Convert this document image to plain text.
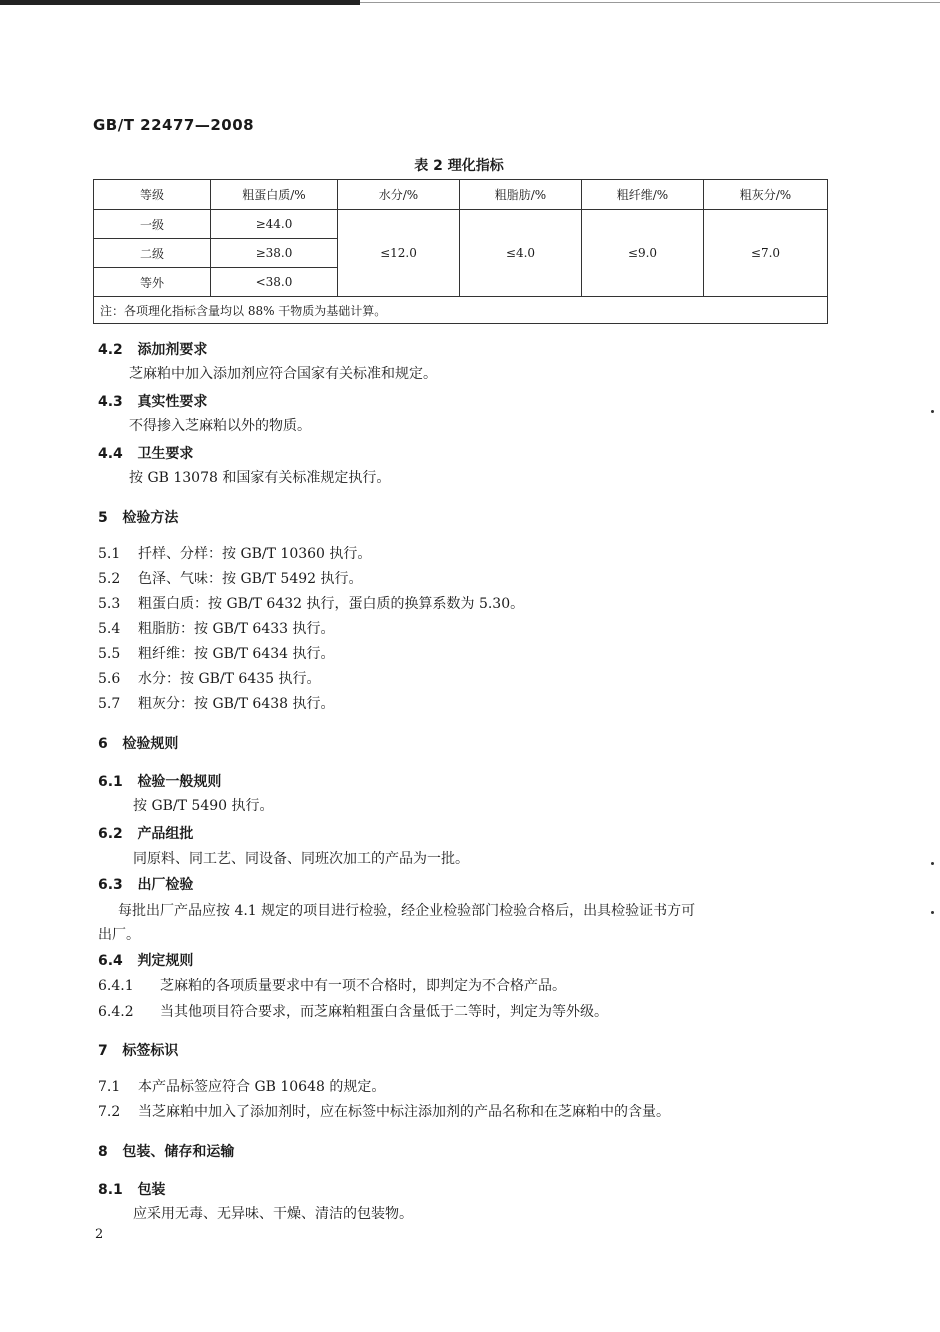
GB/T 22477—2008
表 2 理化指标
等级	粗蛋白质/%	水分/%	粗脂肪/%	粗纤维/%	粗灰分/%
一级	≥44.0	≤12.0	≤4.0	≤9.0	≤7.0
二级	≥38.0				
等外	<38.0				
注：各项理化指标含量均以 88% 干物质为基础计算。					
4.2 添加剂要求
芝麻粕中加入添加剂应符合国家有关标准和规定。
4.3 真实性要求
不得掺入芝麻粕以外的物质。
4.4 卫生要求
按 GB 13078 和国家有关标准规定执行。
5 检验方法
5.1 扦样、分样：按 GB/T 10360 执行。
5.2 色泽、气味：按 GB/T 5492 执行。
5.3 粗蛋白质：按 GB/T 6432 执行，蛋白质的换算系数为 5.30。
5.4 粗脂肪：按 GB/T 6433 执行。
5.5 粗纤维：按 GB/T 6434 执行。
5.6 水分：按 GB/T 6435 执行。
5.7 粗灰分：按 GB/T 6438 执行。
6 检验规则
6.1 检验一般规则
按 GB/T 5490 执行。
6.2 产品组批
同原料、同工艺、同设备、同班次加工的产品为一批。
6.3 出厂检验
每批出厂产品应按 4.1 规定的项目进行检验，经企业检验部门检验合格后，出具检验证书方可
出厂。
6.4 判定规则
6.4.1 芝麻粕的各项质量要求中有一项不合格时，即判定为不合格产品。
6.4.2 当其他项目符合要求，而芝麻粕粗蛋白含量低于二等时，判定为等外级。
7 标签标识
7.1 本产品标签应符合 GB 10648 的规定。
7.2 当芝麻粕中加入了添加剂时，应在标签中标注添加剂的产品名称和在芝麻粕中的含量。
8 包装、储存和运输
8.1 包装
应采用无毒、无异味、干燥、清洁的包装物。
2
